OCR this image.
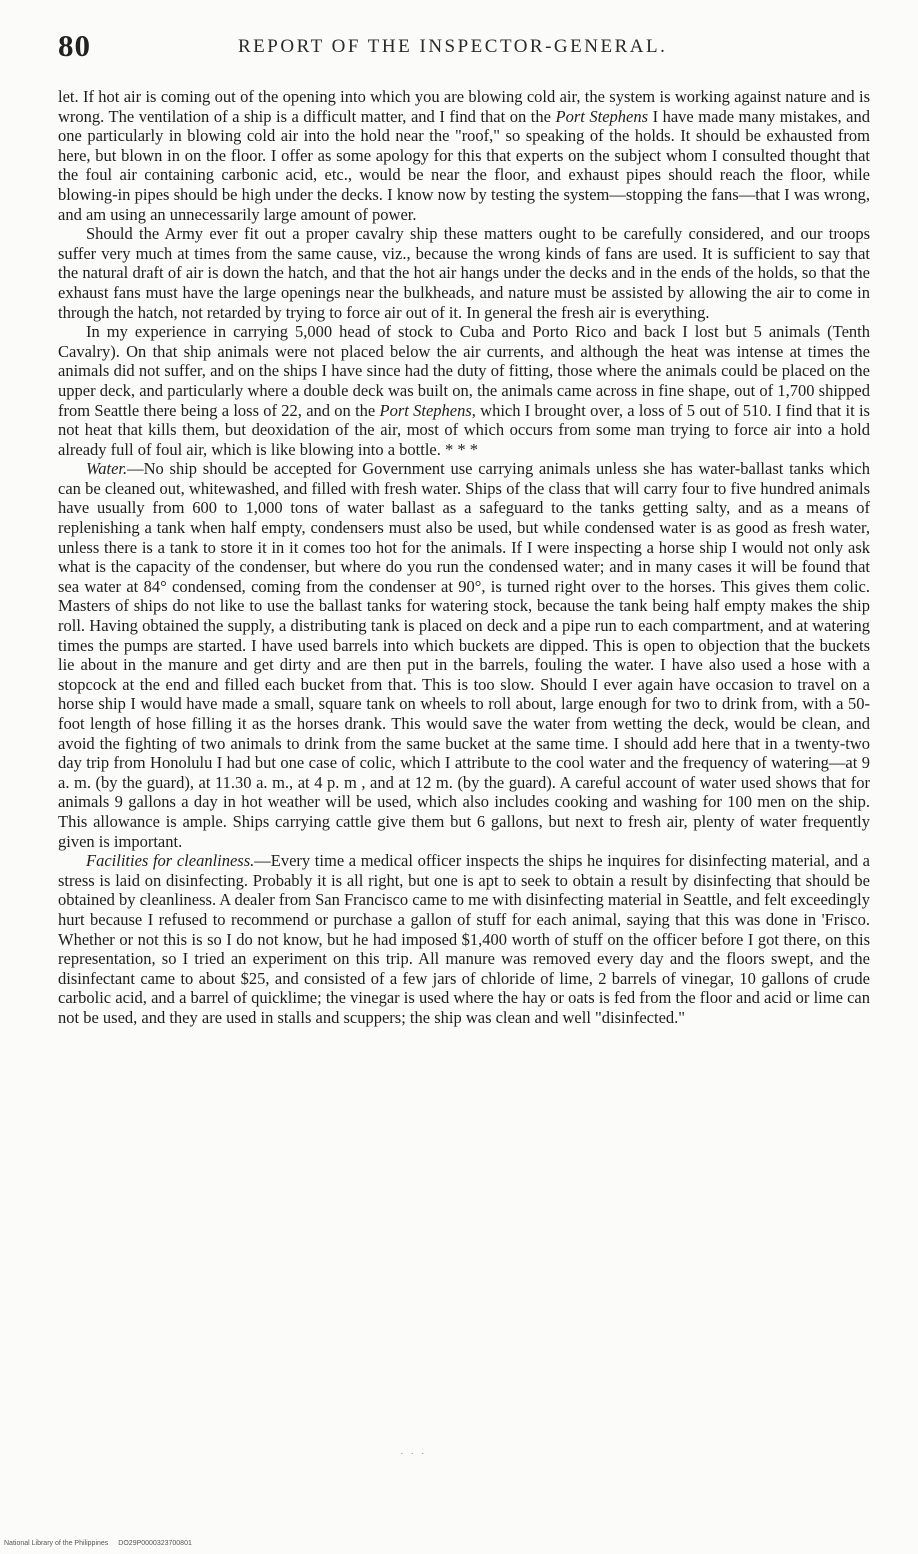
80	REPORT OF THE INSPECTOR-GENERAL.

let. If hot air is coming out of the opening into which you are blowing cold air, the system is working against nature and is wrong. The ventilation of a ship is a difficult matter, and I find that on the Port Stephens I have made many mistakes, and one particularly in blowing cold air into the hold near the "roof," so speaking of the holds. It should be exhausted from here, but blown in on the floor. I offer as some apology for this that experts on the subject whom I consulted thought that the foul air containing carbonic acid, etc., would be near the floor, and exhaust pipes should reach the floor, while blowing-in pipes should be high under the decks. I know now by testing the system—stopping the fans—that I was wrong, and am using an unnecessarily large amount of power.

Should the Army ever fit out a proper cavalry ship these matters ought to be carefully considered, and our troops suffer very much at times from the same cause, viz., because the wrong kinds of fans are used. It is sufficient to say that the natural draft of air is down the hatch, and that the hot air hangs under the decks and in the ends of the holds, so that the exhaust fans must have the large openings near the bulkheads, and nature must be assisted by allowing the air to come in through the hatch, not retarded by trying to force air out of it. In general the fresh air is everything.

In my experience in carrying 5,000 head of stock to Cuba and Porto Rico and back I lost but 5 animals (Tenth Cavalry). On that ship animals were not placed below the air currents, and although the heat was intense at times the animals did not suffer, and on the ships I have since had the duty of fitting, those where the animals could be placed on the upper deck, and particularly where a double deck was built on, the animals came across in fine shape, out of 1,700 shipped from Seattle there being a loss of 22, and on the Port Stephens, which I brought over, a loss of 5 out of 510. I find that it is not heat that kills them, but deoxidation of the air, most of which occurs from some man trying to force air into a hold already full of foul air, which is like blowing into a bottle. * * *

Water.—No ship should be accepted for Government use carrying animals unless she has water-ballast tanks which can be cleaned out, whitewashed, and filled with fresh water. Ships of the class that will carry four to five hundred animals have usually from 600 to 1,000 tons of water ballast as a safeguard to the tanks getting salty, and as a means of replenishing a tank when half empty, condensers must also be used, but while condensed water is as good as fresh water, unless there is a tank to store it in it comes too hot for the animals. If I were inspecting a horse ship I would not only ask what is the capacity of the condenser, but where do you run the condensed water; and in many cases it will be found that sea water at 84° condensed, coming from the condenser at 90°, is turned right over to the horses. This gives them colic. Masters of ships do not like to use the ballast tanks for watering stock, because the tank being half empty makes the ship roll. Having obtained the supply, a distributing tank is placed on deck and a pipe run to each compartment, and at watering times the pumps are started. I have used barrels into which buckets are dipped. This is open to objection that the buckets lie about in the manure and get dirty and are then put in the barrels, fouling the water. I have also used a hose with a stopcock at the end and filled each bucket from that. This is too slow. Should I ever again have occasion to travel on a horse ship I would have made a small, square tank on wheels to roll about, large enough for two to drink from, with a 50-foot length of hose filling it as the horses drank. This would save the water from wetting the deck, would be clean, and avoid the fighting of two animals to drink from the same bucket at the same time. I should add here that in a twenty-two day trip from Honolulu I had but one case of colic, which I attribute to the cool water and the frequency of watering—at 9 a. m. (by the guard), at 11.30 a. m., at 4 p. m , and at 12 m. (by the guard). A careful account of water used shows that for animals 9 gallons a day in hot weather will be used, which also includes cooking and washing for 100 men on the ship. This allowance is ample. Ships carrying cattle give them but 6 gallons, but next to fresh air, plenty of water frequently given is important.

Facilities for cleanliness.—Every time a medical officer inspects the ships he inquires for disinfecting material, and a stress is laid on disinfecting. Probably it is all right, but one is apt to seek to obtain a result by disinfecting that should be obtained by cleanliness. A dealer from San Francisco came to me with disinfecting material in Seattle, and felt exceedingly hurt because I refused to recommend or purchase a gallon of stuff for each animal, saying that this was done in 'Frisco. Whether or not this is so I do not know, but he had imposed $1,400 worth of stuff on the officer before I got there, on this representation, so I tried an experiment on this trip. All manure was removed every day and the floors swept, and the disinfectant came to about $25, and consisted of a few jars of chloride of lime, 2 barrels of vinegar, 10 gallons of crude carbolic acid, and a barrel of quicklime; the vinegar is used where the hay or oats is fed from the floor and acid or lime can not be used, and they are used in stalls and scuppers; the ship was clean and well "disinfected."

· · ·
National Library of the Philippines DO29P0000323700801
